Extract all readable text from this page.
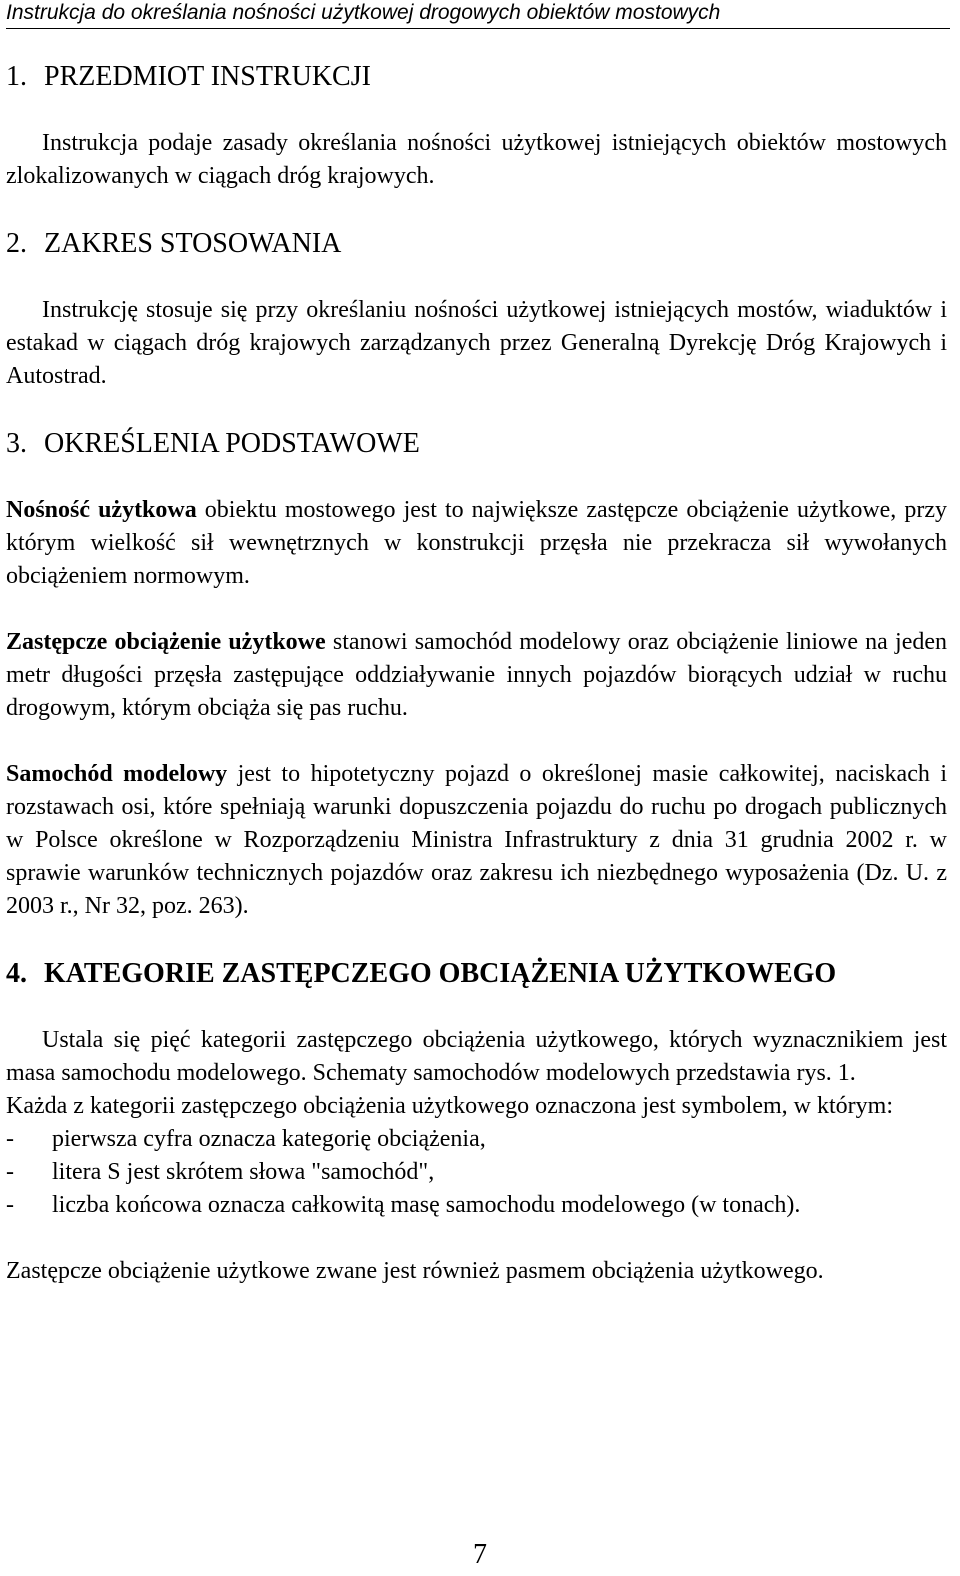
Instrukcja do określania nośności użytkowej drogowych obiektów mostowych
1. PRZEDMIOT INSTRUKCJI

Instrukcja podaje zasady określania nośności użytkowej istniejących obiektów mostowych zlokalizowanych w ciągach dróg krajowych.

2. ZAKRES STOSOWANIA

Instrukcję stosuje się przy określaniu nośności użytkowej istniejących mostów, wiaduktów i estakad w ciągach dróg krajowych zarządzanych przez Generalną Dyrekcję Dróg Krajowych i Autostrad.

3. OKREŚLENIA PODSTAWOWE

Nośność użytkowa obiektu mostowego jest to największe zastępcze obciążenie użytkowe, przy którym wielkość sił wewnętrznych w konstrukcji przęsła nie przekracza sił wywołanych obciążeniem normowym.

Zastępcze obciążenie użytkowe stanowi samochód modelowy oraz obciążenie liniowe na jeden metr długości przęsła zastępujące oddziaływanie innych pojazdów biorących udział w ruchu drogowym, którym obciąża się pas ruchu.

Samochód modelowy jest to hipotetyczny pojazd o określonej masie całkowitej, naciskach i rozstawach osi, które spełniają warunki dopuszczenia pojazdu do ruchu po drogach publicznych w Polsce określone w Rozporządzeniu Ministra Infrastruktury z dnia 31 grudnia 2002 r. w sprawie warunków technicznych pojazdów oraz zakresu ich niezbędnego wyposażenia (Dz. U. z 2003 r., Nr 32, poz. 263).

4. KATEGORIE ZASTĘPCZEGO OBCIĄŻENIA UŻYTKOWEGO

Ustala się pięć kategorii zastępczego obciążenia użytkowego, których wyznacznikiem jest masa samochodu modelowego. Schematy samochodów modelowych przedstawia rys. 1.

Każda z kategorii zastępczego obciążenia użytkowego oznaczona jest symbolem, w którym:

-	pierwsza cyfra oznacza kategorię obciążenia,
-	litera S jest skrótem słowa "samochód",
-	liczba końcowa oznacza całkowitą masę samochodu modelowego (w tonach).

Zastępcze obciążenie użytkowe zwane jest również pasmem obciążenia użytkowego.

7
